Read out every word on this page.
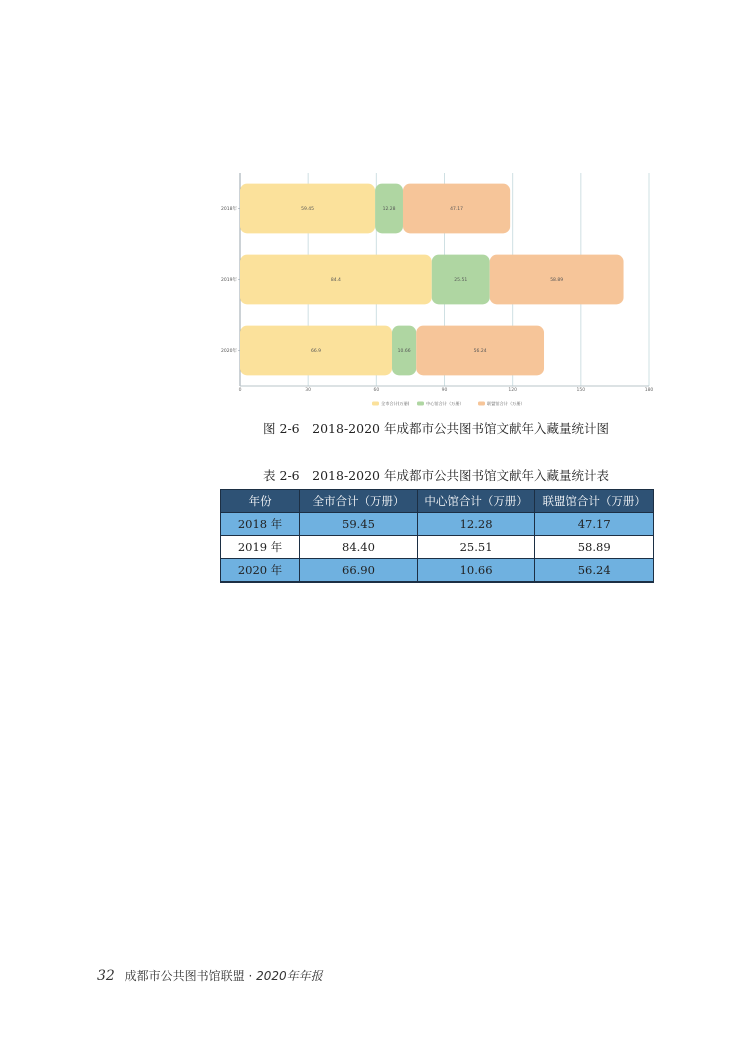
0	30	60	90	120	150	180
2018年	59.45	12.28	47.17
2019年	84.4	25.51	58.89
2020年	66.9	10.66	56.24
全市合计(万册)	中心馆合计（万册）	联盟馆合计（万册）
图 2-6　2018-2020 年成都市公共图书馆文献年入藏量统计图
表 2-6　2018-2020 年成都市公共图书馆文献年入藏量统计表
年份	全市合计（万册）	中心馆合计（万册）	联盟馆合计（万册）
2018 年	59.45	12.28	47.17
2019 年	84.40	25.51	58.89
2020 年	66.90	10.66	56.24
32 成都市公共图书馆联盟 · 2020年年报
